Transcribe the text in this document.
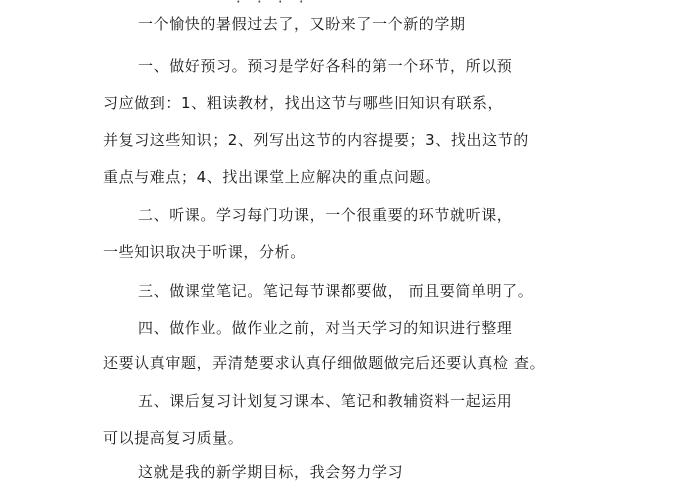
·　·　·　·
一个愉快的暑假过去了，又盼来了一个新的学期
一、做好预习。预习是学好各科的第一个环节，所以预
习应做到：1、粗读教材，找出这节与哪些旧知识有联系，
并复习这些知识；2、列写出这节的内容提要；3、找出这节的
重点与难点；4、找出课堂上应解决的重点问题。
二、听课。学习每门功课，一个很重要的环节就听课，
一些知识取决于听课，分析。
三、做课堂笔记。笔记每节课都要做， 而且要简单明了。
四、做作业。做作业之前，对当天学习的知识进行整理
还要认真审题，弄清楚要求认真仔细做题做完后还要认真检 查。
五、课后复习计划复习课本、笔记和教辅资料一起运用
可以提高复习质量。
这就是我的新学期目标，我会努力学习
